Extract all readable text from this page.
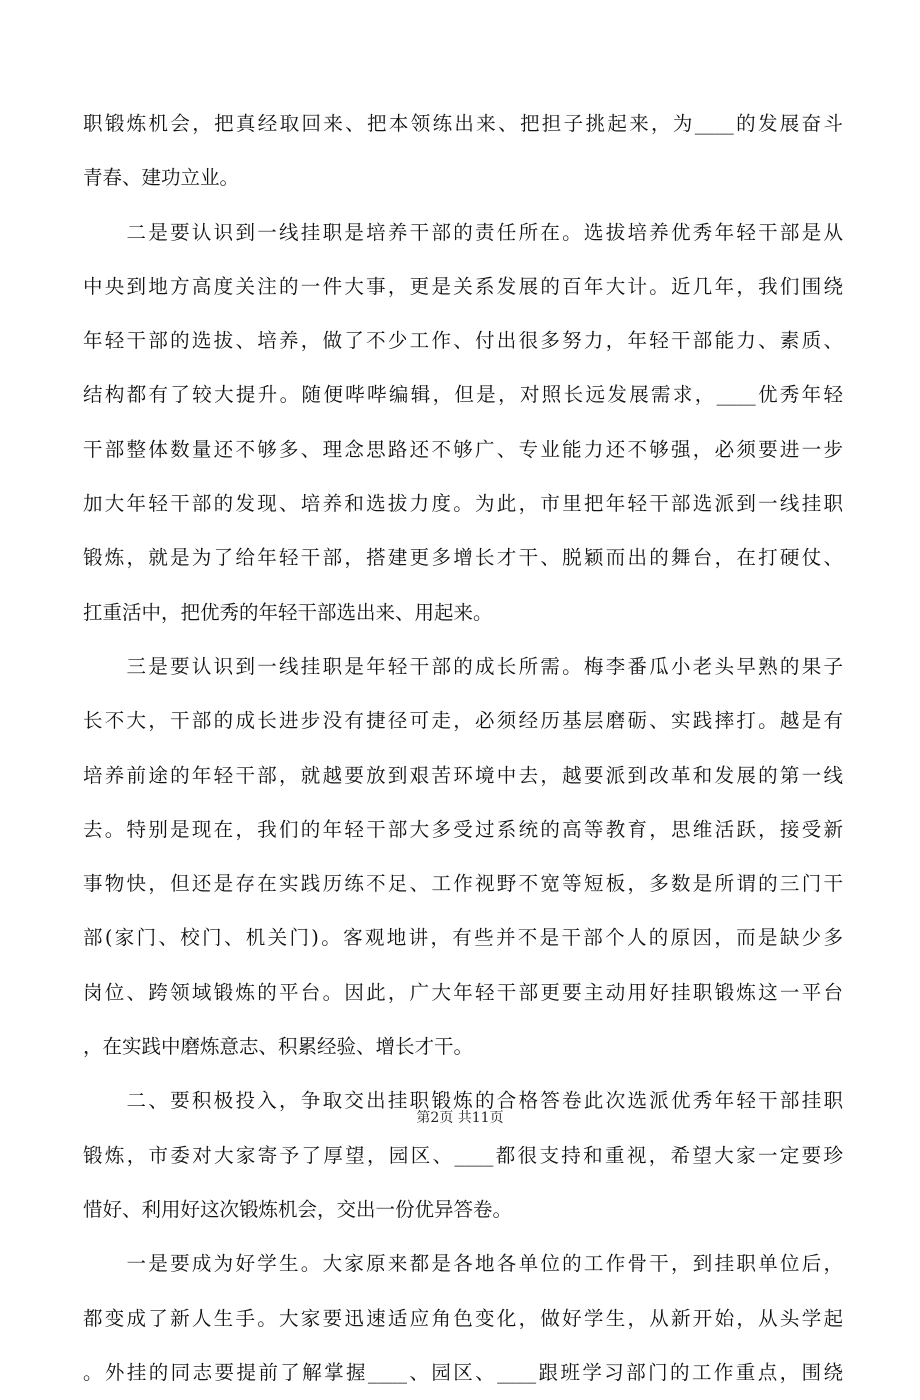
职锻炼机会，把真经取回来、把本领练出来、把担子挑起来，为____的发展奋斗
青春、建功立业。
　　二是要认识到一线挂职是培养干部的责任所在。选拔培养优秀年轻干部是从
中央到地方高度关注的一件大事，更是关系发展的百年大计。近几年，我们围绕
年轻干部的选拔、培养，做了不少工作、付出很多努力，年轻干部能力、素质、
结构都有了较大提升。随便哔哔编辑，但是，对照长远发展需求，____优秀年轻
干部整体数量还不够多、理念思路还不够广、专业能力还不够强，必须要进一步
加大年轻干部的发现、培养和选拔力度。为此，市里把年轻干部选派到一线挂职
锻炼，就是为了给年轻干部，搭建更多增长才干、脱颖而出的舞台，在打硬仗、
扛重活中，把优秀的年轻干部选出来、用起来。
　　三是要认识到一线挂职是年轻干部的成长所需。梅李番瓜小老头早熟的果子
长不大，干部的成长进步没有捷径可走，必须经历基层磨砺、实践摔打。越是有
培养前途的年轻干部，就越要放到艰苦环境中去，越要派到改革和发展的第一线
去。特别是现在，我们的年轻干部大多受过系统的高等教育，思维活跃，接受新
事物快，但还是存在实践历练不足、工作视野不宽等短板，多数是所谓的三门干
部(家门、校门、机关门)。客观地讲，有些并不是干部个人的原因，而是缺少多
岗位、跨领域锻炼的平台。因此，广大年轻干部更要主动用好挂职锻炼这一平台
，在实践中磨炼意志、积累经验、增长才干。
　　二、要积极投入，争取交出挂职锻炼的合格答卷此次选派优秀年轻干部挂职
锻炼，市委对大家寄予了厚望，园区、____都很支持和重视，希望大家一定要珍
惜好、利用好这次锻炼机会，交出一份优异答卷。
　　一是要成为好学生。大家原来都是各地各单位的工作骨干，到挂职单位后，
都变成了新人生手。大家要迅速适应角色变化，做好学生，从新开始，从头学起
。外挂的同志要提前了解掌握____、园区、____跟班学习部门的工作重点，围绕
第2页 共11页
